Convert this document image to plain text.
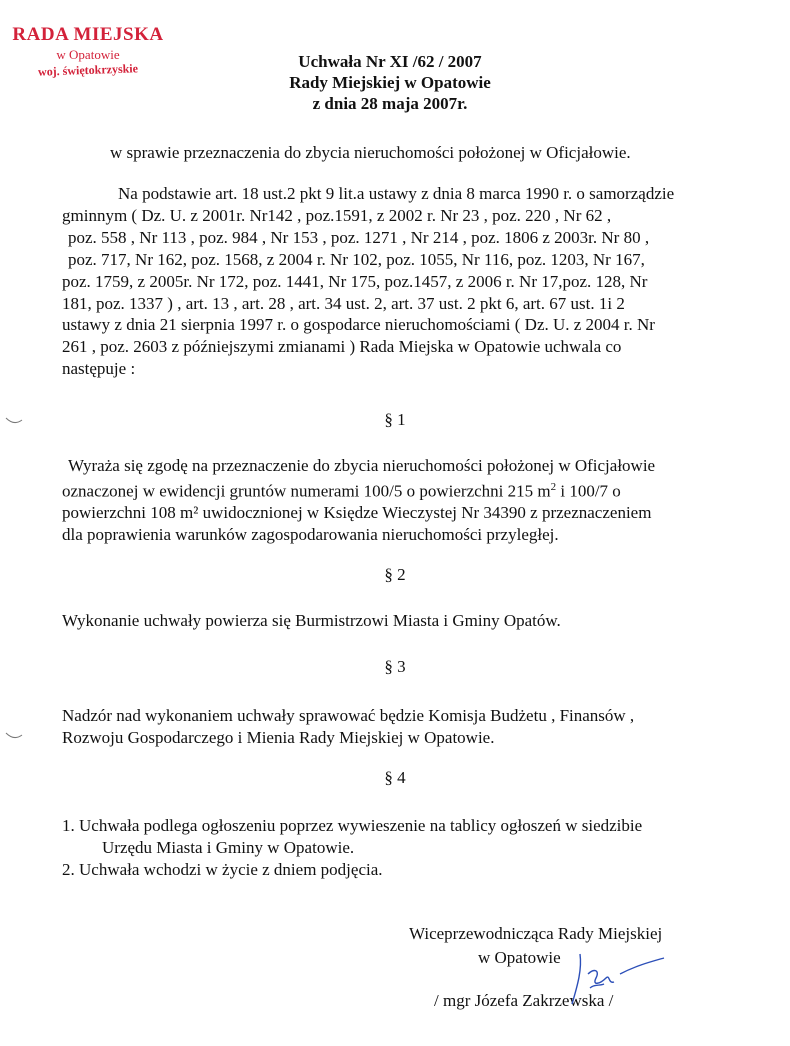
RADA MIEJSKA
w Opatowie
woj. świętokrzyskie	Uchwała Nr XI /62 / 2007
Rady Miejskiej w Opatowie
z dnia 28 maja 2007r.
w sprawie przeznaczenia do zbycia nieruchomości położonej w Oficjałowie.
Na podstawie art. 18 ust.2 pkt 9 lit.a ustawy z dnia 8 marca 1990 r. o samorządzie
gminnym ( Dz. U. z 2001r. Nr142 , poz.1591, z 2002 r. Nr 23 , poz. 220 , Nr 62 ,
poz. 558 , Nr 113 , poz. 984 , Nr 153 , poz. 1271 , Nr 214 , poz. 1806 z 2003r. Nr 80 ,
poz. 717, Nr 162, poz. 1568, z 2004 r. Nr 102, poz. 1055, Nr 116, poz. 1203, Nr 167,
poz. 1759, z 2005r. Nr 172, poz. 1441, Nr 175, poz.1457, z 2006 r. Nr 17,poz. 128, Nr
181, poz. 1337 ) , art. 13 , art. 28 , art. 34 ust. 2, art. 37 ust. 2 pkt 6, art. 67 ust. 1i 2
ustawy z dnia 21 sierpnia 1997 r. o gospodarce nieruchomościami ( Dz. U. z 2004 r. Nr
261 , poz. 2603 z późniejszymi zmianami ) Rada Miejska w Opatowie uchwala co
następuje :
§ 1
Wyraża się zgodę na przeznaczenie do zbycia nieruchomości położonej w Oficjałowie
oznaczonej w ewidencji gruntów numerami 100/5 o powierzchni 215 $m^2$ i 100/7 o
powierzchni 108 m² uwidocznionej w Księdze Wieczystej Nr 34390 z przeznaczeniem
dla poprawienia warunków zagospodarowania nieruchomości przyległej.
§ 2
Wykonanie uchwały powierza się Burmistrzowi Miasta i Gminy Opatów.
§ 3
Nadzór nad wykonaniem uchwały sprawować będzie Komisja Budżetu , Finansów ,
Rozwoju Gospodarczego i Mienia Rady Miejskiej w Opatowie.
§ 4
1. Uchwała podlega ogłoszeniu poprzez wywieszenie na tablicy ogłoszeń w siedzibie
Urzędu Miasta i Gminy w Opatowie.
2. Uchwała wchodzi w życie z dniem podjęcia.
Wiceprzewodnicząca Rady Miejskiej
w Opatowie
/ mgr Józefa Zakrzewska /
